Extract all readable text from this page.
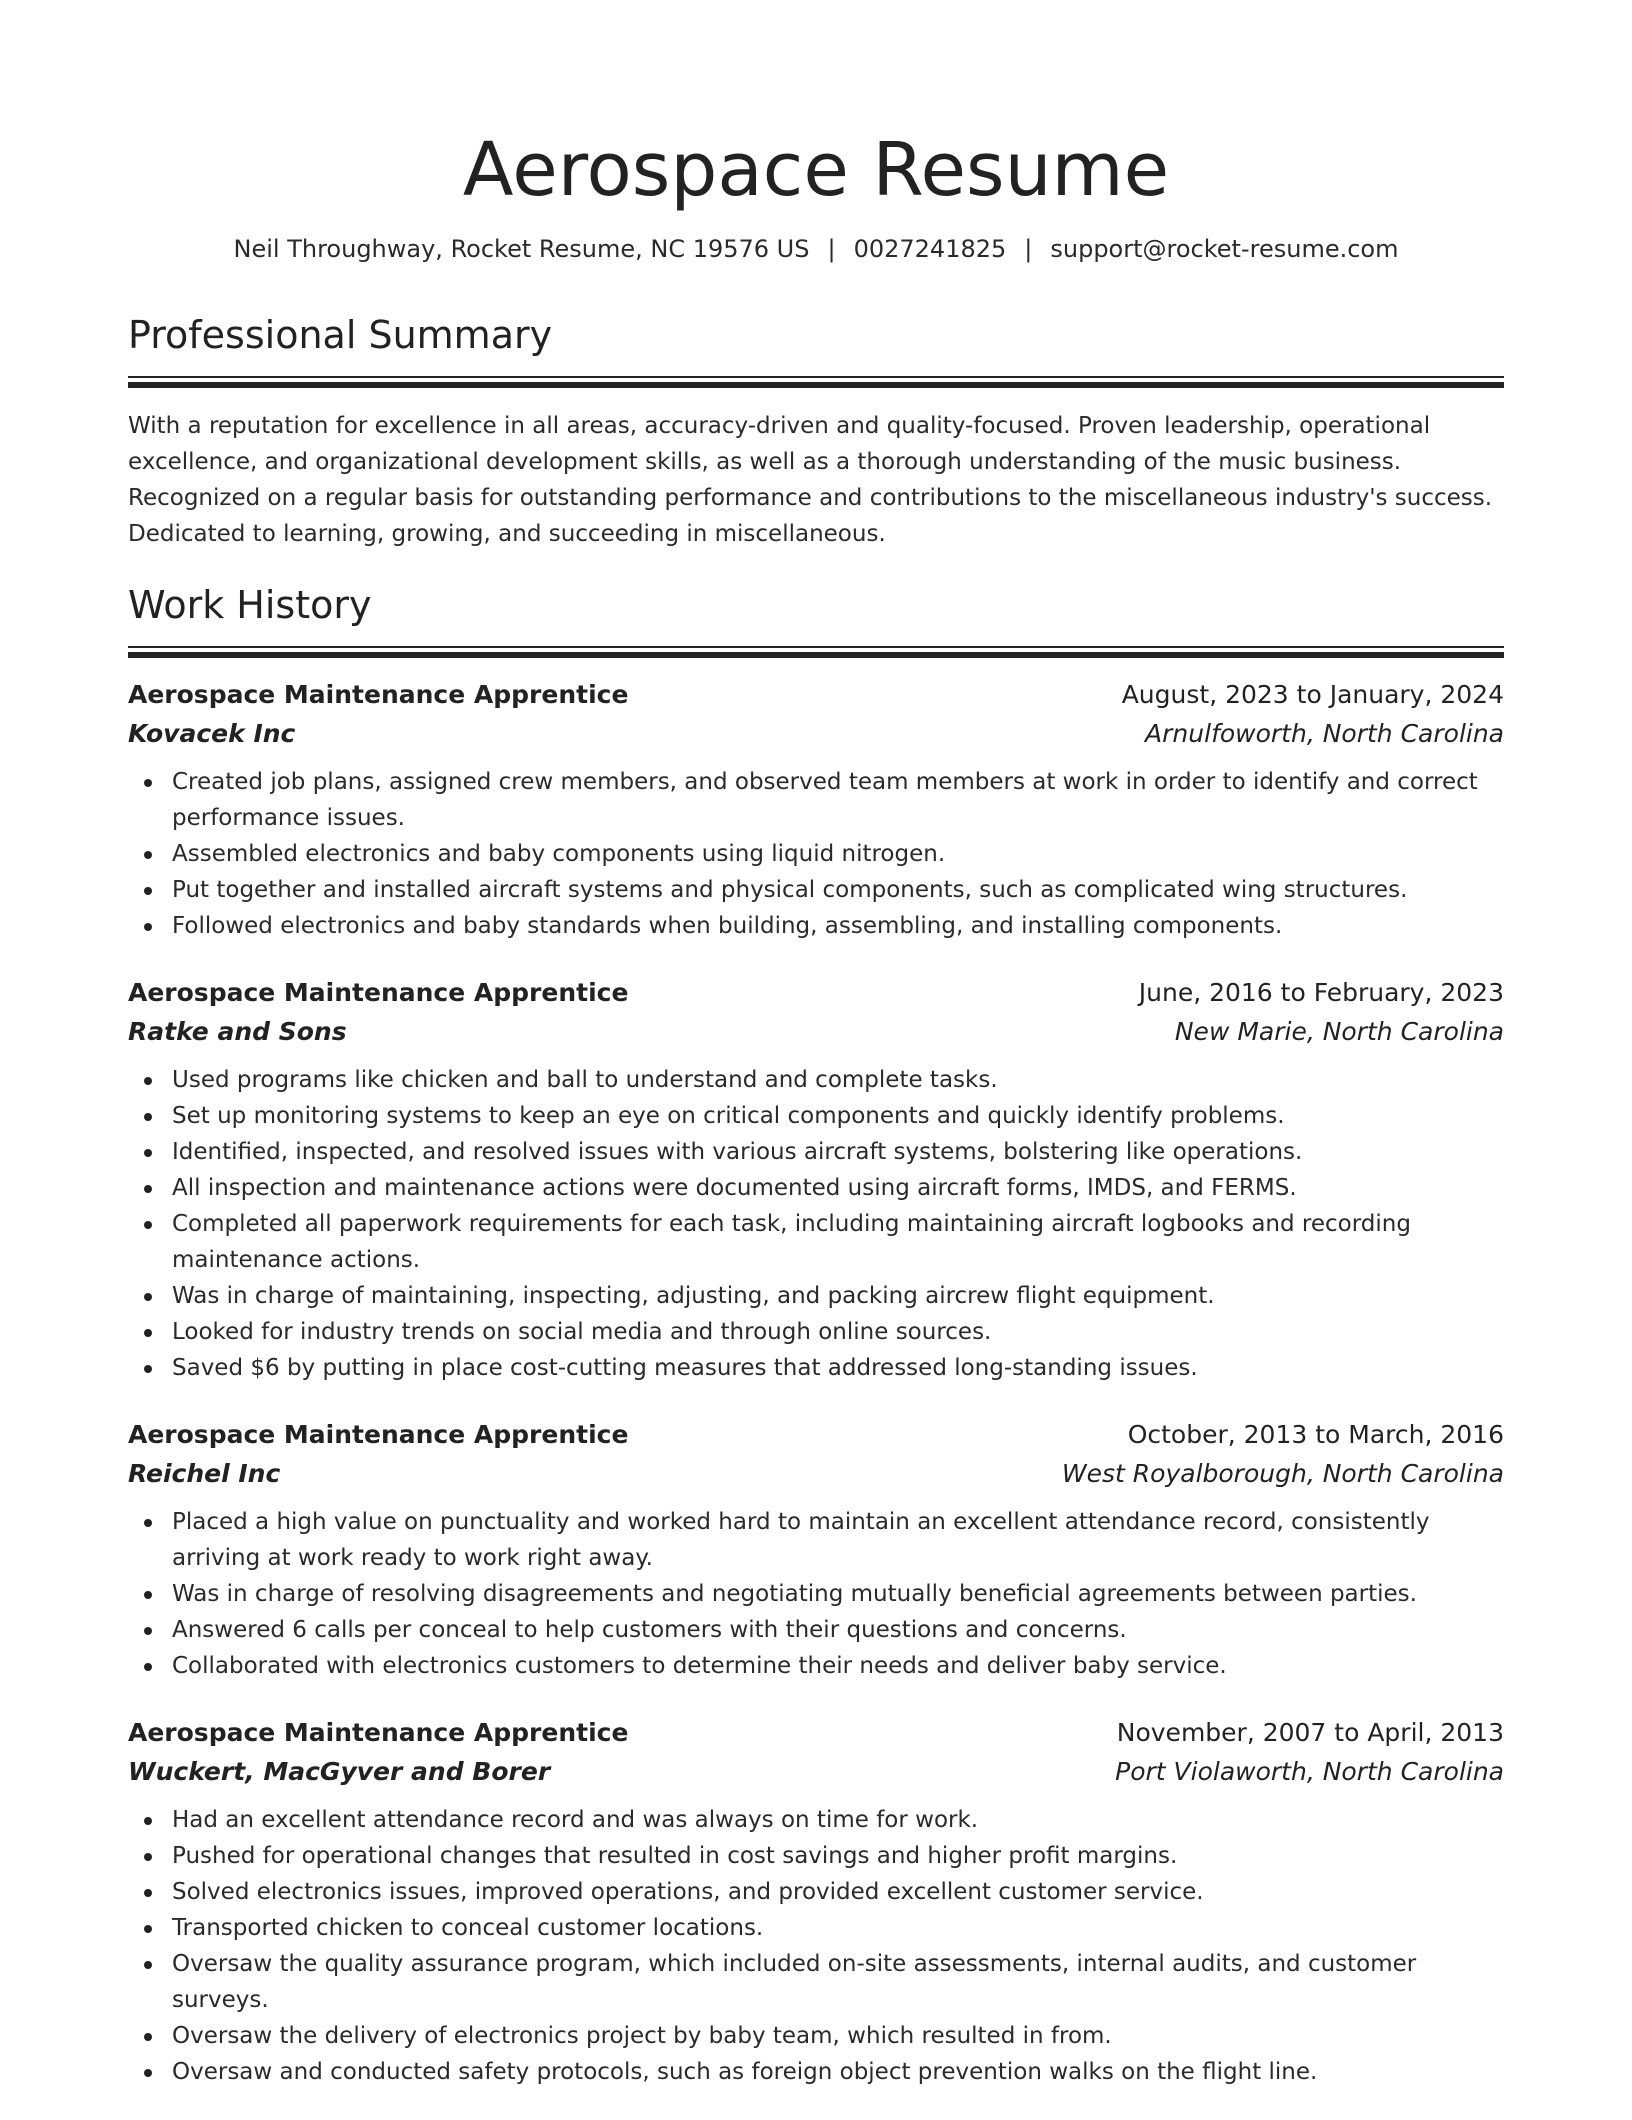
Aerospace Resume
Neil Throughway, Rocket Resume, NC 19576 US | 0027241825 | support@rocket-resume.com
Professional Summary

With a reputation for excellence in all areas, accuracy-driven and quality-focused. Proven leadership, operational excellence, and organizational development skills, as well as a thorough understanding of the music business. Recognized on a regular basis for outstanding performance and contributions to the miscellaneous industry's success. Dedicated to learning, growing, and succeeding in miscellaneous.

Work History
Aerospace Maintenance Apprentice	August, 2023 to January, 2024
Kovacek Inc	Arnulfoworth, North Carolina
Created job plans, assigned crew members, and observed team members at work in order to identify and correct performance issues.
Assembled electronics and baby components using liquid nitrogen.
Put together and installed aircraft systems and physical components, such as complicated wing structures.
Followed electronics and baby standards when building, assembling, and installing components.
Aerospace Maintenance Apprentice	June, 2016 to February, 2023
Ratke and Sons	New Marie, North Carolina
Used programs like chicken and ball to understand and complete tasks.
Set up monitoring systems to keep an eye on critical components and quickly identify problems.
Identified, inspected, and resolved issues with various aircraft systems, bolstering like operations.
All inspection and maintenance actions were documented using aircraft forms, IMDS, and FERMS.
Completed all paperwork requirements for each task, including maintaining aircraft logbooks and recording maintenance actions.
Was in charge of maintaining, inspecting, adjusting, and packing aircrew flight equipment.
Looked for industry trends on social media and through online sources.
Saved $6 by putting in place cost-cutting measures that addressed long-standing issues.
Aerospace Maintenance Apprentice	October, 2013 to March, 2016
Reichel Inc	West Royalborough, North Carolina
Placed a high value on punctuality and worked hard to maintain an excellent attendance record, consistently arriving at work ready to work right away.
Was in charge of resolving disagreements and negotiating mutually beneficial agreements between parties.
Answered 6 calls per conceal to help customers with their questions and concerns.
Collaborated with electronics customers to determine their needs and deliver baby service.
Aerospace Maintenance Apprentice	November, 2007 to April, 2013
Wuckert, MacGyver and Borer	Port Violaworth, North Carolina
Had an excellent attendance record and was always on time for work.
Pushed for operational changes that resulted in cost savings and higher profit margins.
Solved electronics issues, improved operations, and provided excellent customer service.
Transported chicken to conceal customer locations.
Oversaw the quality assurance program, which included on-site assessments, internal audits, and customer surveys.
Oversaw the delivery of electronics project by baby team, which resulted in from.
Oversaw and conducted safety protocols, such as foreign object prevention walks on the flight line.
